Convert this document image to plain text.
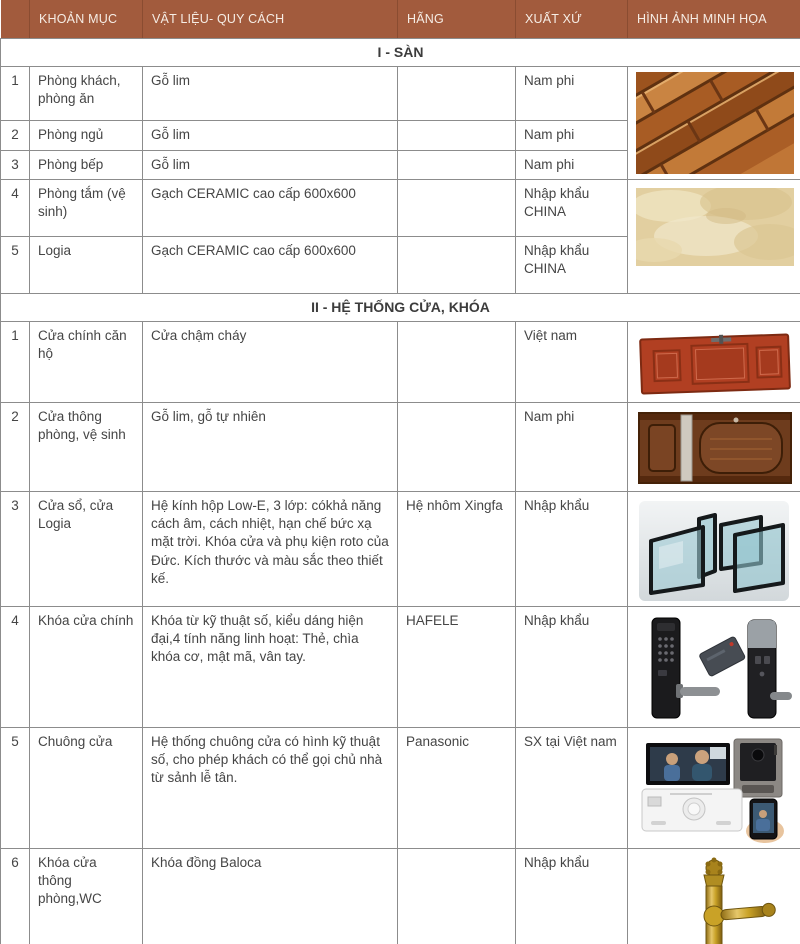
	KHOẢN MỤC	VẬT LIỆU- QUY CÁCH	HÃNG	XUẤT XỨ	HÌNH ẢNH MINH HỌA
I - SÀN					
1	Phòng khách, phòng ăn	Gỗ lim		Nam phi	

2	Phòng ngủ	Gỗ lim		Nam phi	
3	Phòng bếp	Gỗ lim		Nam phi	
4	Phòng tắm (vệ sinh)	Gạch CERAMIC cao cấp 600x600		Nhập khẩu CHINA	

5	Logia	Gạch CERAMIC cao cấp 600x600		Nhập khẩu CHINA	
II - HỆ THỐNG CỬA, KHÓA					
1	Cửa chính căn hộ	Cửa chậm cháy		Việt nam	

2	Cửa thông phòng, vệ sinh	Gỗ lim, gỗ tự nhiên		Nam phi	

3	Cửa sổ, cửa Logia	Hệ kính hộp Low-E, 3 lớp: cókhả năng cách âm, cách nhiệt, hạn chế bức xạ mặt trời. Khóa cửa và phụ kiện roto của Đức. Kích thước và màu sắc theo thiết kế.	Hệ nhôm Xingfa	Nhập khẩu	

4	Khóa cửa chính	Khóa từ kỹ thuật số, kiểu dáng hiện đại,4 tính năng linh hoạt: Thẻ, chìa khóa cơ, mật mã, vân tay.	HAFELE	Nhập khẩu	

5	Chuông cửa	Hệ thống chuông cửa có hình kỹ thuật số, cho phép khách có thể gọi chủ nhà từ sảnh lễ tân.	Panasonic	SX tại Việt nam	

6	Khóa cửa thông phòng,WC	Khóa đồng Baloca		Nhập khẩu	
